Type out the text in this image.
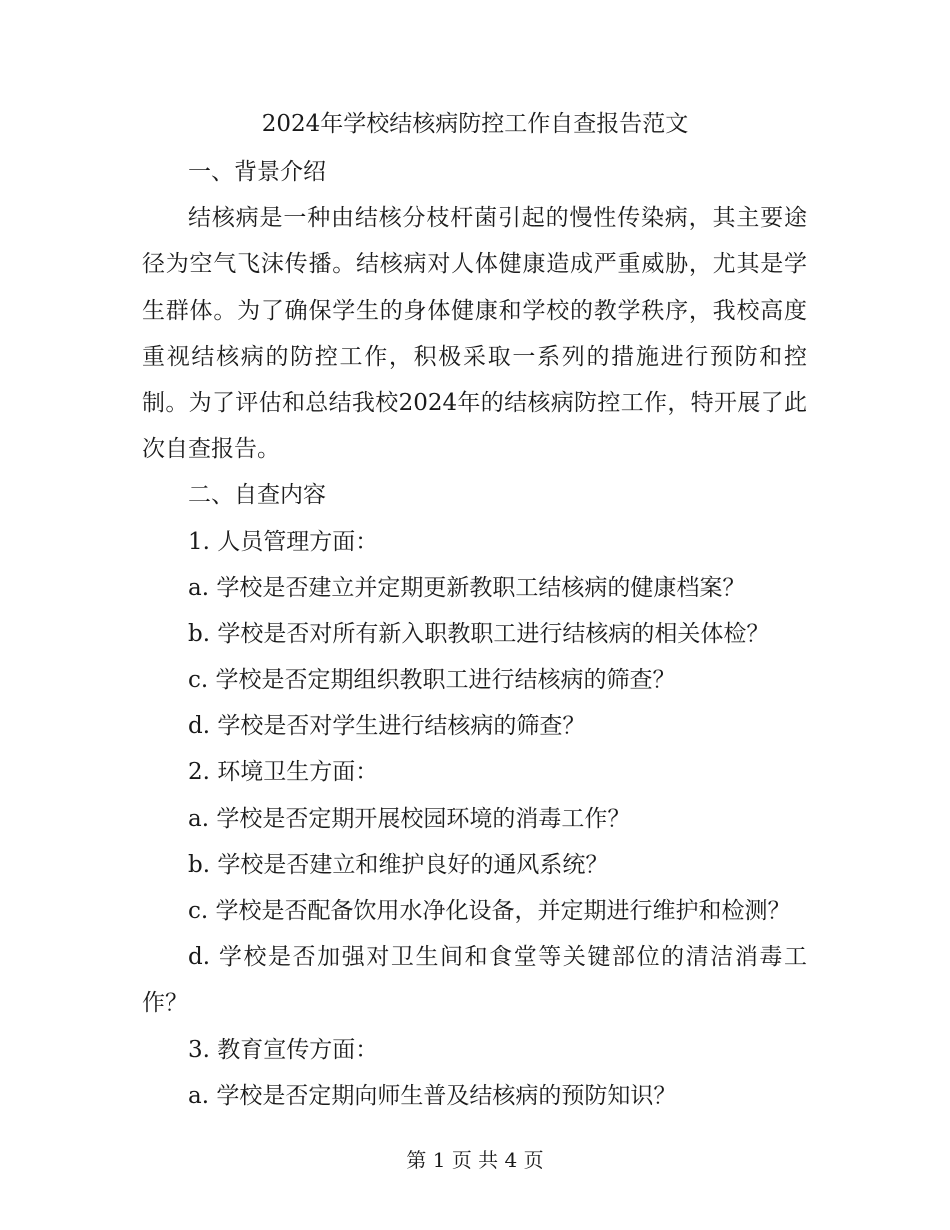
2024年学校结核病防控工作自查报告范文
一、背景介绍
结核病是一种由结核分枝杆菌引起的慢性传染病，其主要途
径为空气飞沫传播。结核病对人体健康造成严重威胁，尤其是学
生群体。为了确保学生的身体健康和学校的教学秩序，我校高度
重视结核病的防控工作，积极采取一系列的措施进行预防和控
制。为了评估和总结我校2024年的结核病防控工作，特开展了此
次自查报告。
二、自查内容
1. 人员管理方面：
a. 学校是否建立并定期更新教职工结核病的健康档案？
b. 学校是否对所有新入职教职工进行结核病的相关体检？
c. 学校是否定期组织教职工进行结核病的筛查？
d. 学校是否对学生进行结核病的筛查？
2. 环境卫生方面：
a. 学校是否定期开展校园环境的消毒工作？
b. 学校是否建立和维护良好的通风系统？
c. 学校是否配备饮用水净化设备，并定期进行维护和检测？
d. 学校是否加强对卫生间和食堂等关键部位的清洁消毒工
作？
3. 教育宣传方面：
a. 学校是否定期向师生普及结核病的预防知识？
第 1 页 共 4 页
